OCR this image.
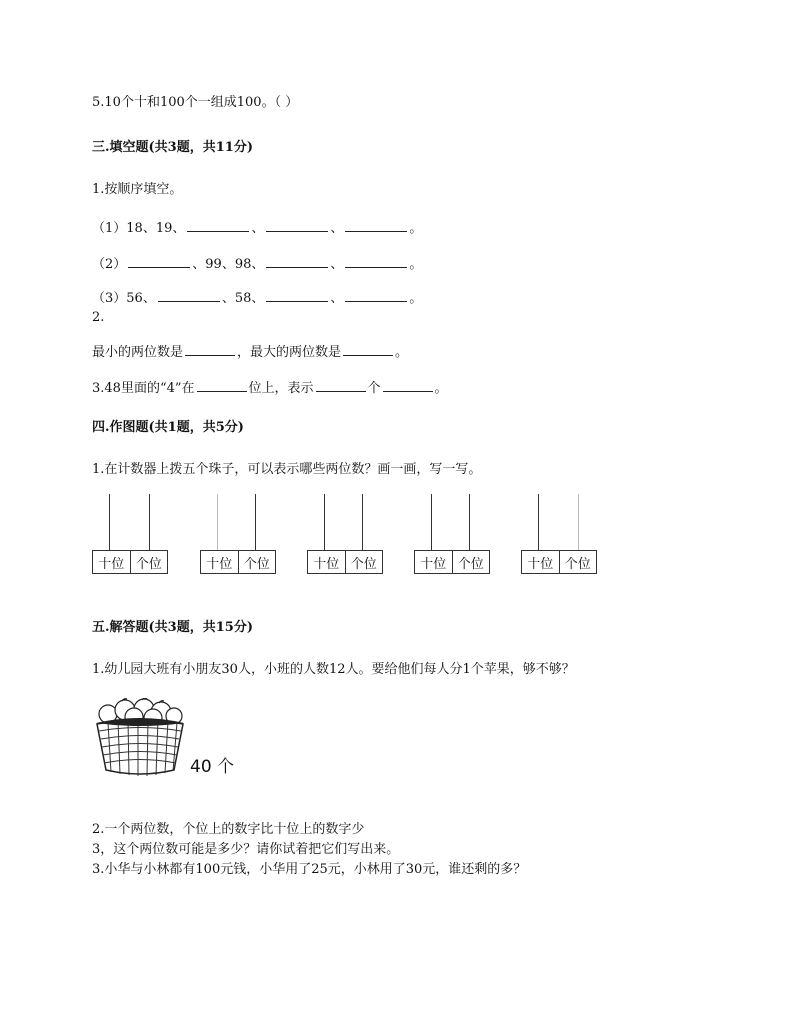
5.10个十和100个一组成100。（ ）
三.填空题(共3题，共11分)
1.按顺序填空。
（1）18、19、	、	、	。
（2）	、99、98、	、	。
（3）56、	、58、	、	。
2.
最小的两位数是	，最大的两位数是	。
3.48里面的“4”在	位上，表示	个	。
四.作图题(共1题，共5分)
1.在计数器上拨五个珠子，可以表示哪些两位数？画一画，写一写。
十位 个位	十位 个位	十位 个位	十位 个位	十位 个位
五.解答题(共3题，共15分)
1.幼儿园大班有小朋友30人，小班的人数12人。要给他们每人分1个苹果，够不够？
40 个
2.一个两位数，个位上的数字比十位上的数字少
3，这个两位数可能是多少？请你试着把它们写出来。
3.小华与小林都有100元钱，小华用了25元，小林用了30元，谁还剩的多？
